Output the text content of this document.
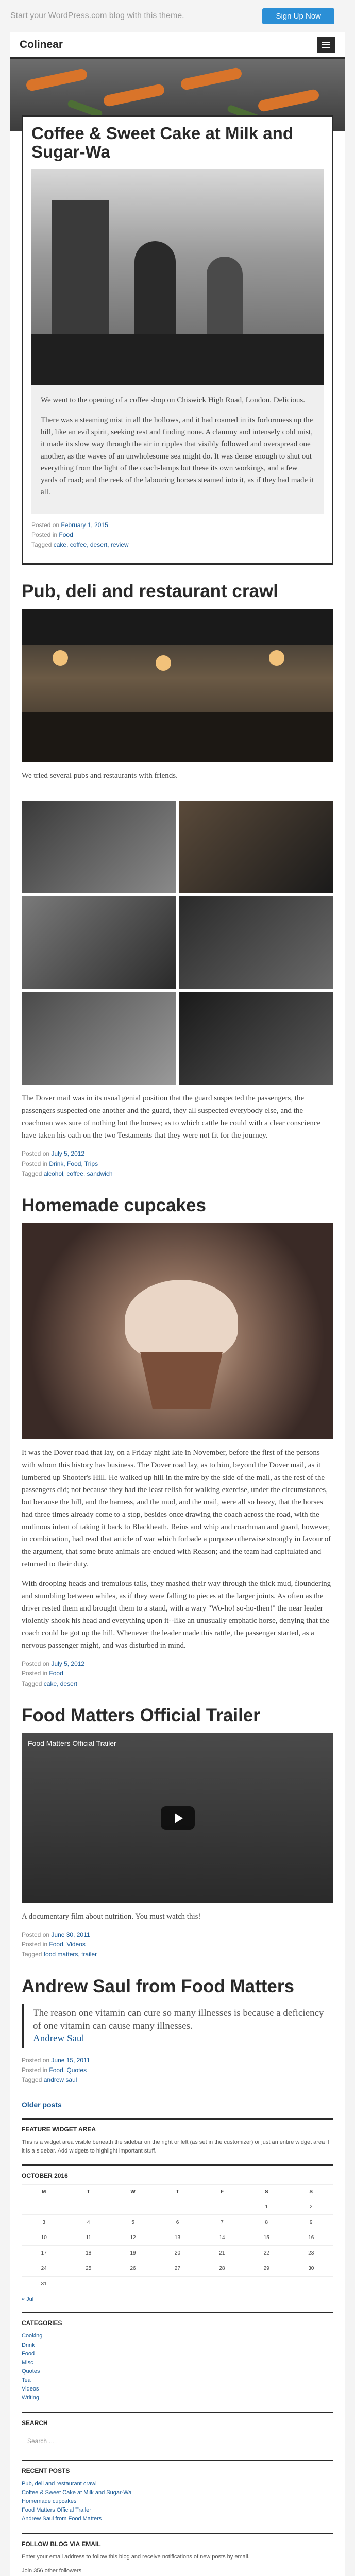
Start your WordPress.com blog with this theme.	Sign Up Now
Colinear
Coffee & Sweet Cake at Milk and Sugar-Wa

We went to the opening of a coffee shop on Chiswick High Road, London. Delicious.

There was a steaming mist in all the hollows, and it had roamed in its forlornness up the hill, like an evil spirit, seeking rest and finding none. A clammy and intensely cold mist, it made its slow way through the air in ripples that visibly followed and overspread one another, as the waves of an unwholesome sea might do. It was dense enough to shut out everything from the light of the coach-lamps but these its own workings, and a few yards of road; and the reek of the labouring horses steamed into it, as if they had made it all.

Posted on February 1, 2015
Posted in Food
Tagged cake, coffee, desert, review
Pub, deli and restaurant crawl

We tried several pubs and restaurants with friends.

The Dover mail was in its usual genial position that the guard suspected the passengers, the passengers suspected one another and the guard, they all suspected everybody else, and the coachman was sure of nothing but the horses; as to which cattle he could with a clear conscience have taken his oath on the two Testaments that they were not fit for the journey.

Posted on July 5, 2012
Posted in Drink, Food, Trips
Tagged alcohol, coffee, sandwich
Homemade cupcakes

It was the Dover road that lay, on a Friday night late in November, before the first of the persons with whom this history has business. The Dover road lay, as to him, beyond the Dover mail, as it lumbered up Shooter's Hill. He walked up hill in the mire by the side of the mail, as the rest of the passengers did; not because they had the least relish for walking exercise, under the circumstances, but because the hill, and the harness, and the mud, and the mail, were all so heavy, that the horses had three times already come to a stop, besides once drawing the coach across the road, with the mutinous intent of taking it back to Blackheath. Reins and whip and coachman and guard, however, in combination, had read that article of war which forbade a purpose otherwise strongly in favour of the argument, that some brute animals are endued with Reason; and the team had capitulated and returned to their duty.

With drooping heads and tremulous tails, they mashed their way through the thick mud, floundering and stumbling between whiles, as if they were falling to pieces at the larger joints. As often as the driver rested them and brought them to a stand, with a wary "Wo-ho! so-ho-then!" the near leader violently shook his head and everything upon it--like an unusually emphatic horse, denying that the coach could be got up the hill. Whenever the leader made this rattle, the passenger started, as a nervous passenger might, and was disturbed in mind.

Posted on July 5, 2012
Posted in Food
Tagged cake, desert
Food Matters Official Trailer
Food Matters Official Trailer

A documentary film about nutrition. You must watch this!

Posted on June 30, 2011
Posted in Food, Videos
Tagged food matters, trailer
Andrew Saul from Food Matters
The reason one vitamin can cure so many illnesses is because a deficiency of one vitamin can cause many illnesses.
Andrew Saul
Posted on June 15, 2011
Posted in Food, Quotes
Tagged andrew saul
Older posts
FEATURE WIDGET AREA

This is a widget area visible beneath the sidebar on the right or left (as set in the customizer) or just an entire widget area if it is a sidebar. Add widgets to highlight important stuff.

OCTOBER 2016
M	T	W	T	F	S	S
					1	2
3	4	5	6	7	8	9
10	11	12	13	14	15	16
17	18	19	20	21	22	23
24	25	26	27	28	29	30
31						
« Jul
CATEGORIES
Cooking
Drink
Food
Misc
Quotes
Tea
Videos
Writing
SEARCH
Search …
RECENT POSTS
Pub, deli and restaurant crawl
Coffee & Sweet Cake at Milk and Sugar-Wa
Homemade cupcakes
Food Matters Official Trailer
Andrew Saul from Food Matters
FOLLOW BLOG VIA EMAIL

Enter your email address to follow this blog and receive notifications of new posts by email.

Join 356 other followers
